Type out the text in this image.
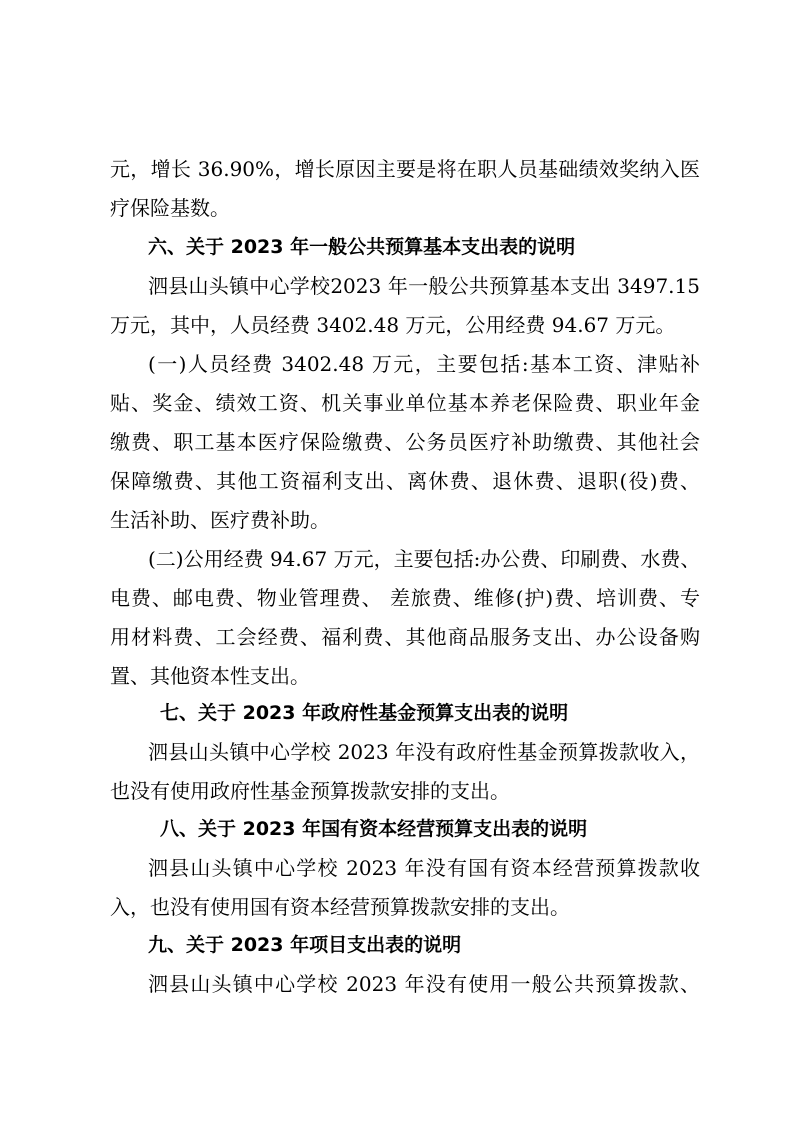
元，增长 36.90%，增长原因主要是将在职人员基础绩效奖纳入医
疗保险基数。
六、关于 2023 年一般公共预算基本支出表的说明
泗县山头镇中心学校2023 年一般公共预算基本支出 3497.15
万元，其中，人员经费 3402.48 万元，公用经费 94.67 万元。
(一)人员经费 3402.48 万元，主要包括:基本工资、津贴补
贴、奖金、绩效工资、机关事业单位基本养老保险费、职业年金
缴费、职工基本医疗保险缴费、公务员医疗补助缴费、其他社会
保障缴费、其他工资福利支出、离休费、退休费、退职(役)费、
生活补助、医疗费补助。
(二)公用经费 94.67 万元，主要包括:办公费、印刷费、水费、
电费、邮电费、物业管理费、 差旅费、维修(护)费、培训费、专
用材料费、工会经费、福利费、其他商品服务支出、办公设备购
置、其他资本性支出。
七、关于 2023 年政府性基金预算支出表的说明
泗县山头镇中心学校 2023 年没有政府性基金预算拨款收入，
也没有使用政府性基金预算拨款安排的支出。
八、关于 2023 年国有资本经营预算支出表的说明
泗县山头镇中心学校 2023 年没有国有资本经营预算拨款收
入，也没有使用国有资本经营预算拨款安排的支出。
九、关于 2023 年项目支出表的说明
泗县山头镇中心学校 2023 年没有使用一般公共预算拨款、
